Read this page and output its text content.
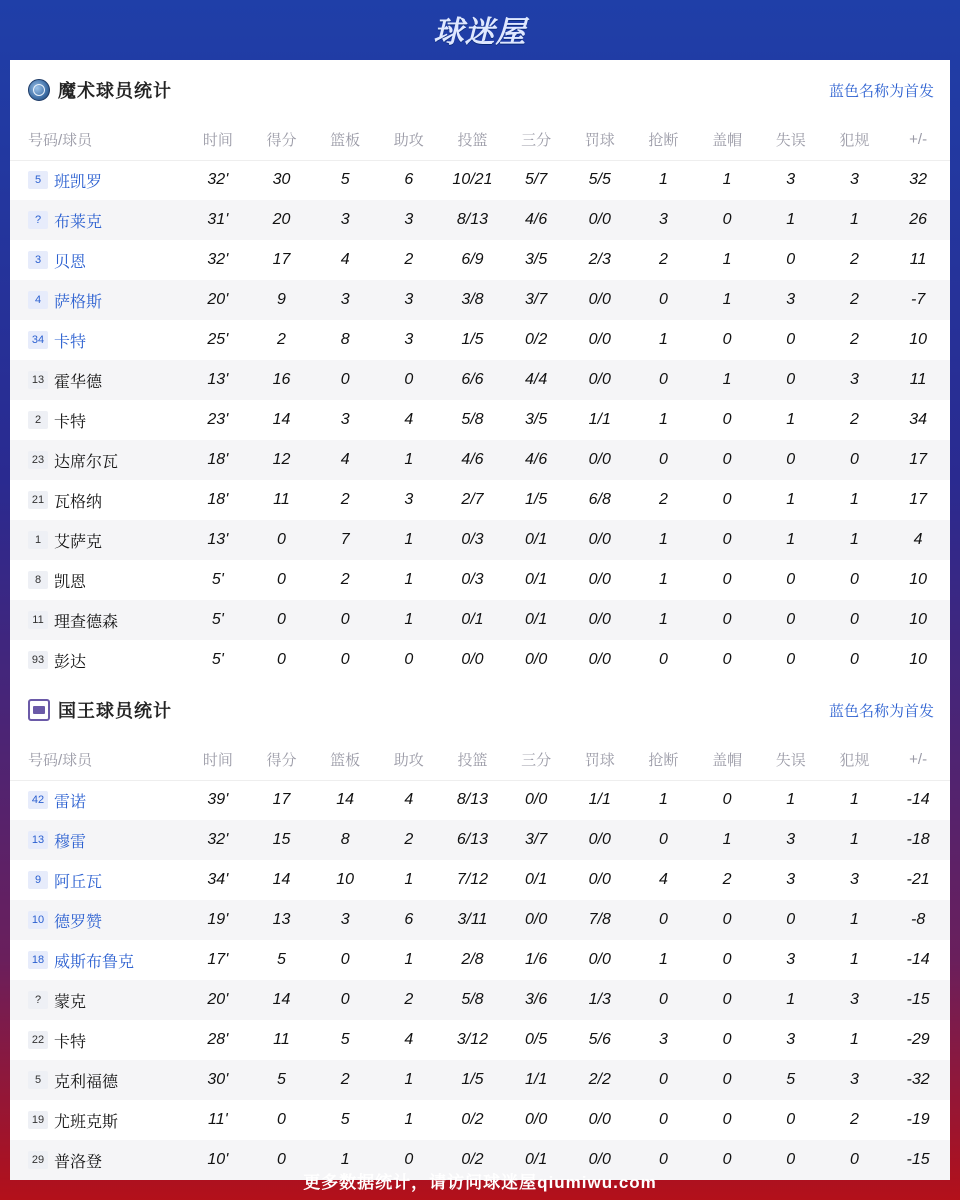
球迷屋
魔术球员统计	蓝色名称为首发
号码/球员	时间	得分	篮板	助攻	投篮	三分	罚球	抢断	盖帽	失误	犯规	+/-
5 班凯罗	32'	30	5	6	10/21	5/7	5/5	1	1	3	3	32
? 布莱克	31'	20	3	3	8/13	4/6	0/0	3	0	1	1	26
3 贝恩	32'	17	4	2	6/9	3/5	2/3	2	1	0	2	11
4 萨格斯	20'	9	3	3	3/8	3/7	0/0	0	1	3	2	-7
34 卡特	25'	2	8	3	1/5	0/2	0/0	1	0	0	2	10
13 霍华德	13'	16	0	0	6/6	4/4	0/0	0	1	0	3	11
2 卡特	23'	14	3	4	5/8	3/5	1/1	1	0	1	2	34
23 达席尔瓦	18'	12	4	1	4/6	4/6	0/0	0	0	0	0	17
21 瓦格纳	18'	11	2	3	2/7	1/5	6/8	2	0	1	1	17
1 艾萨克	13'	0	7	1	0/3	0/1	0/0	1	0	1	1	4
8 凯恩	5'	0	2	1	0/3	0/1	0/0	1	0	0	0	10
11 理查德森	5'	0	0	1	0/1	0/1	0/0	1	0	0	0	10
93 彭达	5'	0	0	0	0/0	0/0	0/0	0	0	0	0	10
国王球员统计	蓝色名称为首发
号码/球员	时间	得分	篮板	助攻	投篮	三分	罚球	抢断	盖帽	失误	犯规	+/-
42 雷诺	39'	17	14	4	8/13	0/0	1/1	1	0	1	1	-14
13 穆雷	32'	15	8	2	6/13	3/7	0/0	0	1	3	1	-18
9 阿丘瓦	34'	14	10	1	7/12	0/1	0/0	4	2	3	3	-21
10 德罗赞	19'	13	3	6	3/11	0/0	7/8	0	0	0	1	-8
18 威斯布鲁克	17'	5	0	1	2/8	1/6	0/0	1	0	3	1	-14
? 蒙克	20'	14	0	2	5/8	3/6	1/3	0	0	1	3	-15
22 卡特	28'	11	5	4	3/12	0/5	5/6	3	0	3	1	-29
5 克利福德	30'	5	2	1	1/5	1/1	2/2	0	0	5	3	-32
19 尤班克斯	11'	0	5	1	0/2	0/0	0/0	0	0	0	2	-19
29 普洛登	10'	0	1	0	0/2	0/1	0/0	0	0	0	0	-15
更多数据统计，请访问球迷屋qiumiwu.com
